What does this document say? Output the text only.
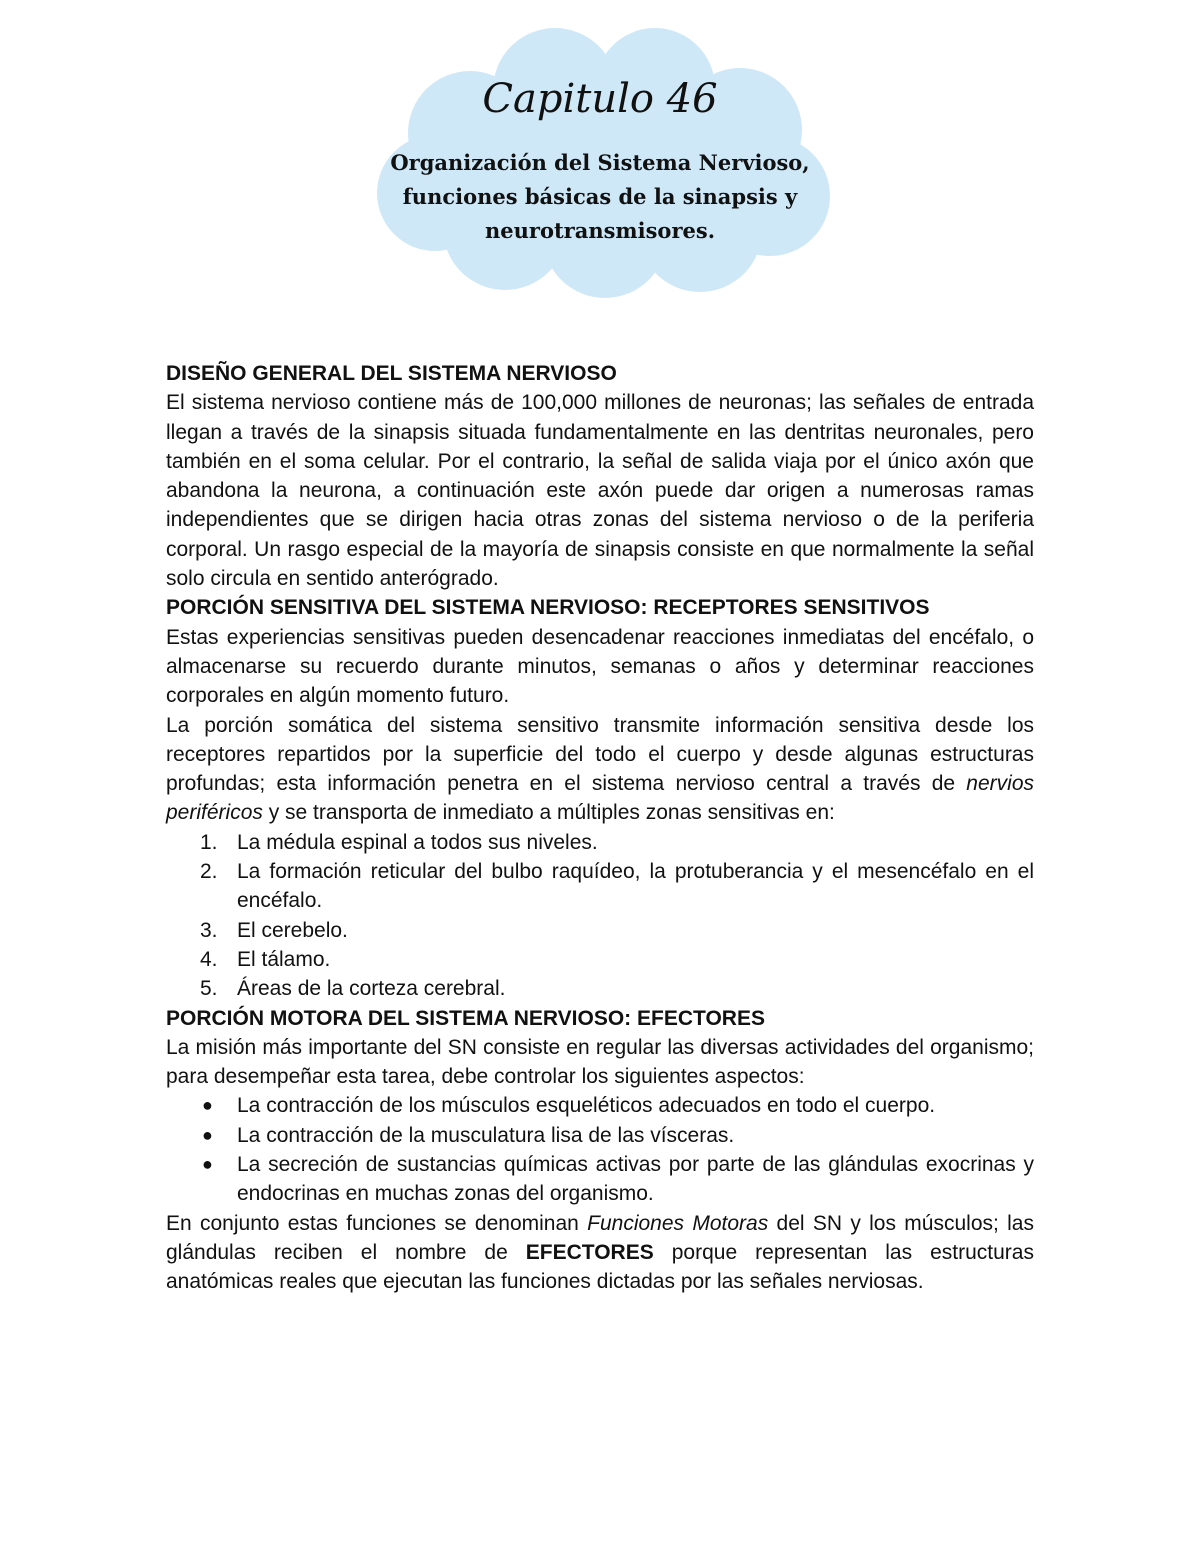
Capitulo 46
Organización del Sistema Nervioso, funciones básicas de la sinapsis y neurotransmisores.
DISEÑO GENERAL DEL SISTEMA NERVIOSO

El sistema nervioso contiene más de 100,000 millones de neuronas; las señales de entrada llegan a través de la sinapsis situada fundamentalmente en las dentritas neuronales, pero también en el soma celular. Por el contrario, la señal de salida viaja por el único axón que abandona la neurona, a continuación este axón puede dar origen a numerosas ramas independientes que se dirigen hacia otras zonas del sistema nervioso o de la periferia corporal. Un rasgo especial de la mayoría de sinapsis consiste en que normalmente la señal solo circula en sentido anterógrado.

PORCIÓN SENSITIVA DEL SISTEMA NERVIOSO: RECEPTORES SENSITIVOS

Estas experiencias sensitivas pueden desencadenar reacciones inmediatas del encéfalo, o almacenarse su recuerdo durante minutos, semanas o años y determinar reacciones corporales en algún momento futuro.

La porción somática del sistema sensitivo transmite información sensitiva desde los receptores repartidos por la superficie del todo el cuerpo y desde algunas estructuras profundas; esta información penetra en el sistema nervioso central a través de nervios periféricos y se transporta de inmediato a múltiples zonas sensitivas en:

1. La médula espinal a todos sus niveles.
2. La formación reticular del bulbo raquídeo, la protuberancia y el mesencéfalo en el encéfalo.
3. El cerebelo.
4. El tálamo.
5. Áreas de la corteza cerebral.
PORCIÓN MOTORA DEL SISTEMA NERVIOSO: EFECTORES

La misión más importante del SN consiste en regular las diversas actividades del organismo; para desempeñar esta tarea, debe controlar los siguientes aspectos:

● La contracción de los músculos esqueléticos adecuados en todo el cuerpo.
● La contracción de la musculatura lisa de las vísceras.
● La secreción de sustancias químicas activas por parte de las glándulas exocrinas y endocrinas en muchas zonas del organismo.

En conjunto estas funciones se denominan Funciones Motoras del SN y los músculos; las glándulas reciben el nombre de EFECTORES porque representan las estructuras anatómicas reales que ejecutan las funciones dictadas por las señales nerviosas.
